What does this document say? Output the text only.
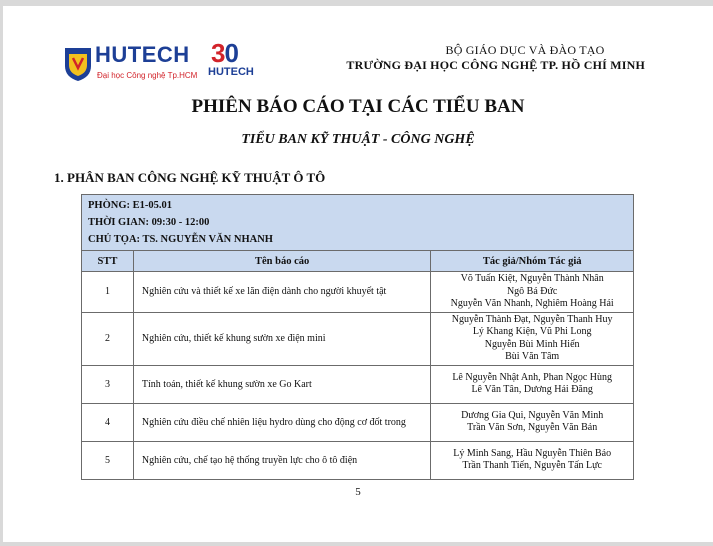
HUTECH
Đại học Công nghệ Tp.HCM
30
HUTECH
BỘ GIÁO DỤC VÀ ĐÀO TẠO
TRƯỜNG ĐẠI HỌC CÔNG NGHỆ TP. HỒ CHÍ MINH
PHIÊN BÁO CÁO TẠI CÁC TIỂU BAN
TIỂU BAN KỸ THUẬT - CÔNG NGHỆ
1. PHÂN BAN CÔNG NGHỆ KỸ THUẬT Ô TÔ
PHÒNG: E1-05.01
THỜI GIAN: 09:30 - 12:00
CHỦ TỌA: TS. NGUYỄN VĂN NHANH		

STT	Tên báo cáo	Tác giả/Nhóm Tác giả
1	Nghiên cứu và thiết kế xe lăn điện dành cho người khuyết tật	Võ Tuấn Kiệt, Nguyễn Thành Nhân
Ngô Bá Đức
Nguyễn Văn Nhanh, Nghiêm Hoàng Hải

2	Nghiên cứu, thiết kế khung sườn xe điện mini	Nguyễn Thành Đạt, Nguyễn Thanh Huy
Lý Khang Kiện, Vũ Phi Long
Nguyễn Bùi Minh Hiển
Bùi Văn Tâm

3	Tính toán, thiết kế khung sườn xe Go Kart	Lê Nguyễn Nhật Anh, Phan Ngọc Hùng
Lê Văn Tân, Dương Hải Đăng

4	Nghiên cứu điều chế nhiên liệu hydro dùng cho động cơ đốt trong	Dương Gia Qui, Nguyễn Văn Minh
Trần Văn Sơn, Nguyễn Văn Bản

5	Nghiên cứu, chế tạo hệ thống truyền lực cho ô tô điện	Lý Minh Sang, Hầu Nguyễn Thiên Bảo
Trần Thanh Tiến, Nguyễn Tấn Lực
5
